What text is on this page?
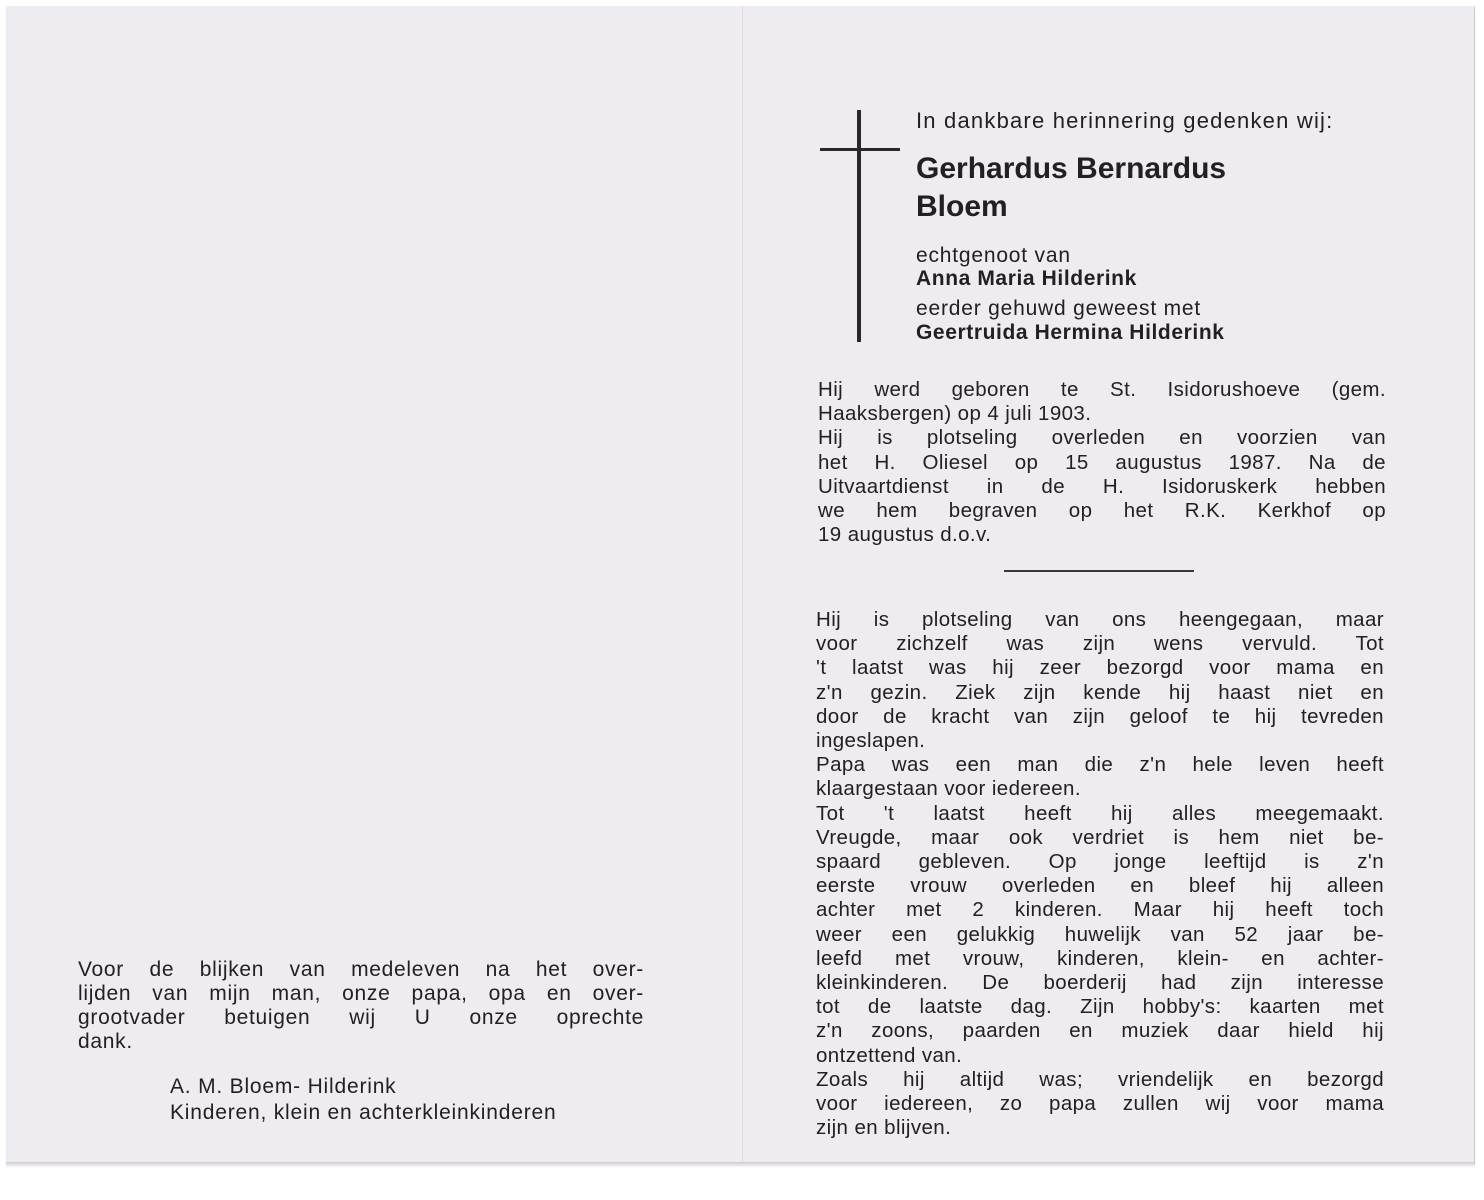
In dankbare herinnering gedenken wij:
Gerhardus Bernardus
Bloem
echtgenoot van
Anna Maria Hilderink
eerder gehuwd geweest met
Geertruida Hermina Hilderink
Hij werd geboren te St. Isidorushoeve (gem.
Haaksbergen) op 4 juli 1903.
Hij is plotseling overleden en voorzien van
het H. Oliesel op 15 augustus 1987. Na de
Uitvaartdienst in de H. Isidoruskerk hebben
we hem begraven op het R.K. Kerkhof op
19 augustus d.o.v.
Hij is plotseling van ons heengegaan, maar
voor zichzelf was zijn wens vervuld. Tot
't laatst was hij zeer bezorgd voor mama en
z'n gezin. Ziek zijn kende hij haast niet en
door de kracht van zijn geloof te hij tevreden
ingeslapen.
Papa was een man die z'n hele leven heeft
klaargestaan voor iedereen.
Tot 't laatst heeft hij alles meegemaakt.
Vreugde, maar ook verdriet is hem niet be-
spaard gebleven. Op jonge leeftijd is z'n
eerste vrouw overleden en bleef hij alleen
achter met 2 kinderen. Maar hij heeft toch
weer een gelukkig huwelijk van 52 jaar be-
leefd met vrouw, kinderen, klein- en achter-
kleinkinderen. De boerderij had zijn interesse
tot de laatste dag. Zijn hobby's: kaarten met
z'n zoons, paarden en muziek daar hield hij
ontzettend van.
Zoals hij altijd was; vriendelijk en bezorgd
voor iedereen, zo papa zullen wij voor mama
zijn en blijven.
Voor de blijken van medeleven na het over-
lijden van mijn man, onze papa, opa en over-
grootvader betuigen wij U onze oprechte
dank.
A. M. Bloem- Hilderink
Kinderen, klein en achterkleinkinderen
